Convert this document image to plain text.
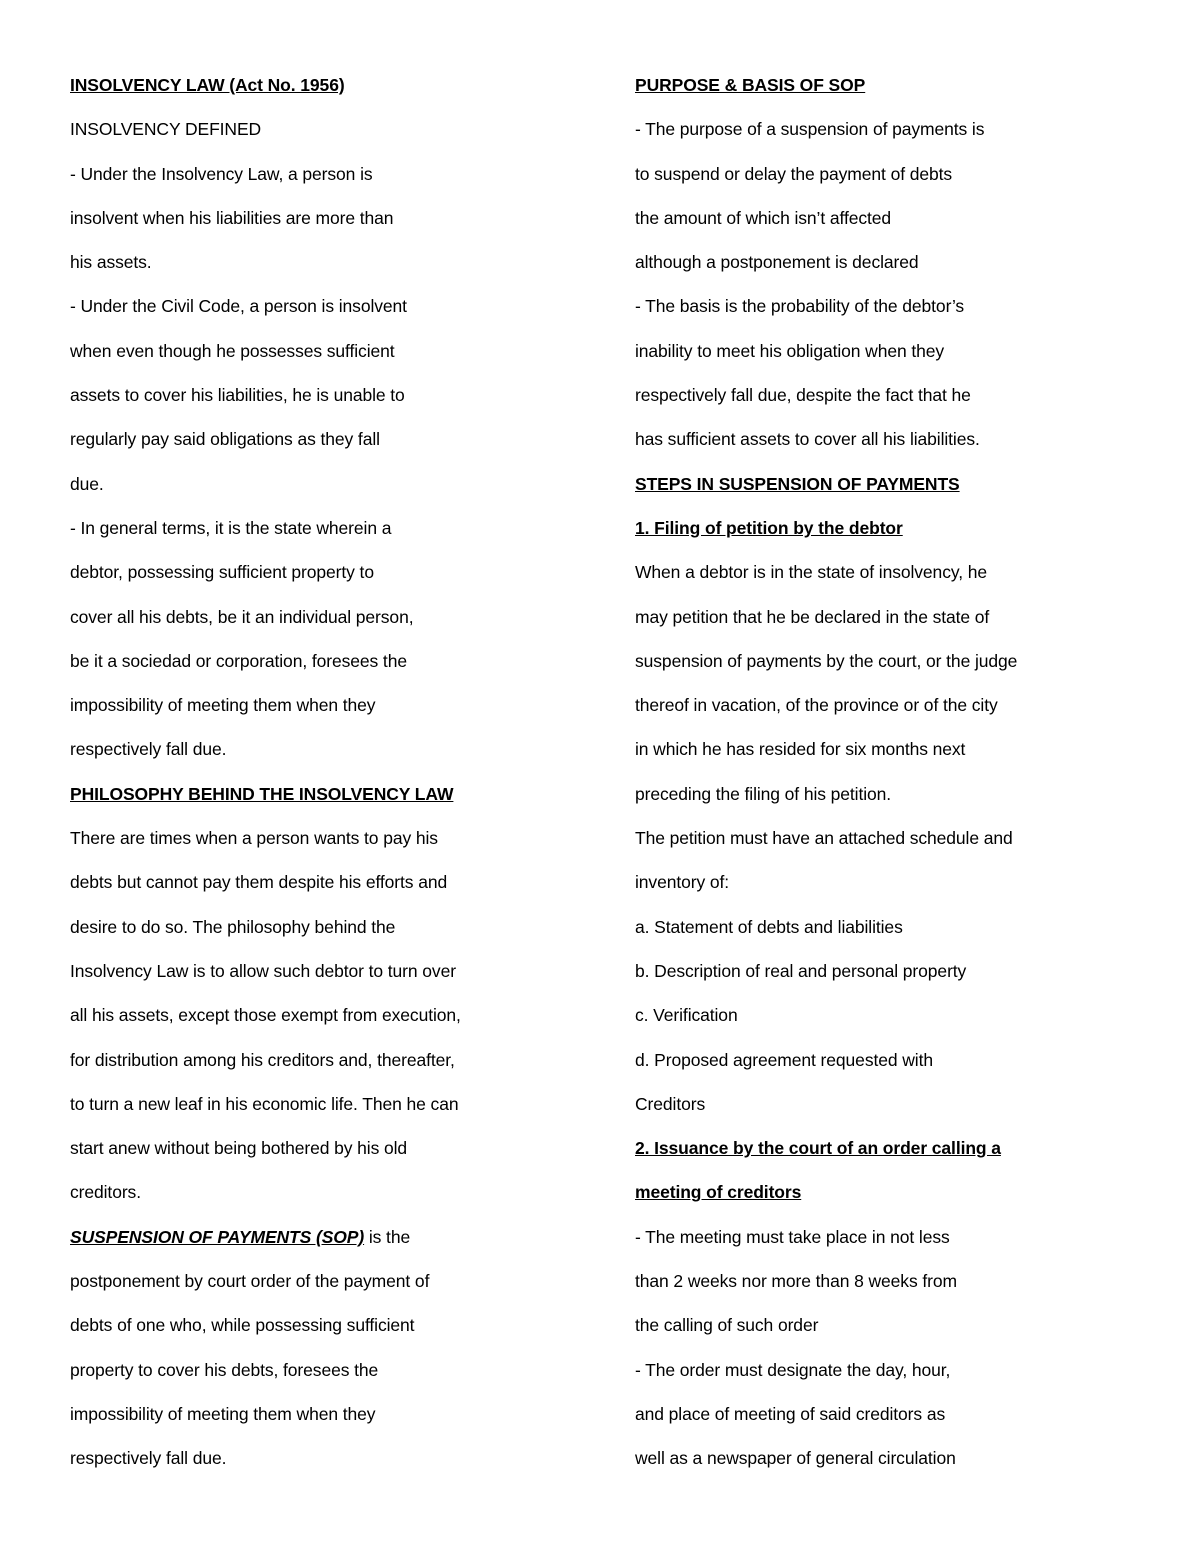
INSOLVENCY LAW (Act No. 1956)
INSOLVENCY DEFINED
- Under the Insolvency Law, a person is
insolvent when his liabilities are more than
his assets.
- Under the Civil Code, a person is insolvent
when even though he possesses sufficient
assets to cover his liabilities, he is unable to
regularly pay said obligations as they fall
due.
- In general terms, it is the state wherein a
debtor, possessing sufficient property to
cover all his debts, be it an individual person,
be it a sociedad or corporation, foresees the
impossibility of meeting them when they
respectively fall due.
PHILOSOPHY BEHIND THE INSOLVENCY LAW
There are times when a person wants to pay his
debts but cannot pay them despite his efforts and
desire to do so. The philosophy behind the
Insolvency Law is to allow such debtor to turn over
all his assets, except those exempt from execution,
for distribution among his creditors and, thereafter,
to turn a new leaf in his economic life. Then he can
start anew without being bothered by his old
creditors.
SUSPENSION OF PAYMENTS (SOP) is the
postponement by court order of the payment of
debts of one who, while possessing sufficient
property to cover his debts, foresees the
impossibility of meeting them when they
respectively fall due.
PURPOSE & BASIS OF SOP
- The purpose of a suspension of payments is
to suspend or delay the payment of debts
the amount of which isn’t affected
although a postponement is declared
- The basis is the probability of the debtor’s
inability to meet his obligation when they
respectively fall due, despite the fact that he
has sufficient assets to cover all his liabilities.
STEPS IN SUSPENSION OF PAYMENTS
1. Filing of petition by the debtor
When a debtor is in the state of insolvency, he
may petition that he be declared in the state of
suspension of payments by the court, or the judge
thereof in vacation, of the province or of the city
in which he has resided for six months next
preceding the filing of his petition.
The petition must have an attached schedule and
inventory of:
a. Statement of debts and liabilities
b. Description of real and personal property
c. Verification
d. Proposed agreement requested with
Creditors
2. Issuance by the court of an order calling a
meeting of creditors
- The meeting must take place in not less
than 2 weeks nor more than 8 weeks from
the calling of such order
- The order must designate the day, hour,
and place of meeting of said creditors as
well as a newspaper of general circulation
